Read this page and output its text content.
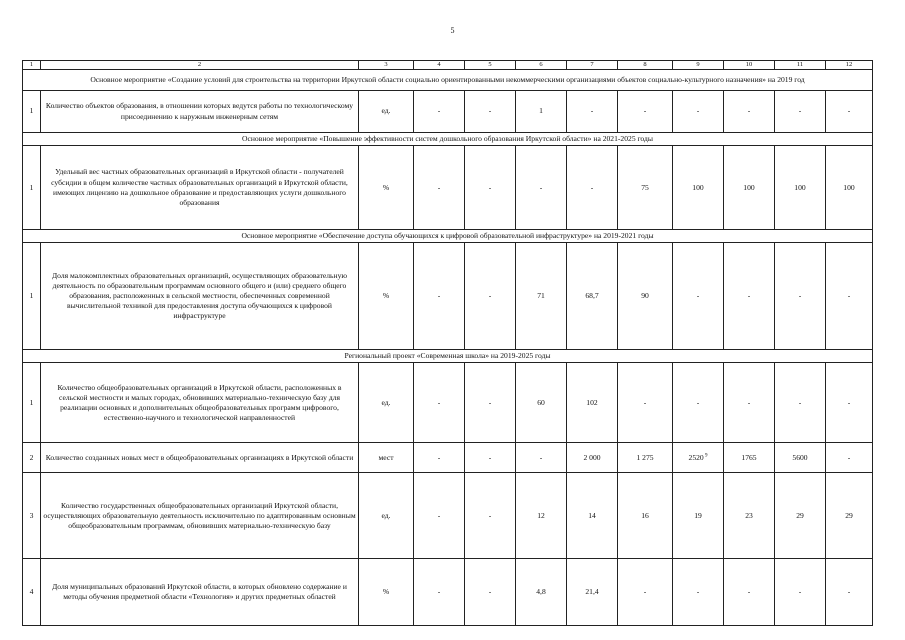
5
1	2	3	4	5	6	7	8	9	10	11	12
Основное мероприятие «Создание условий для строительства на территории Иркутской области социально ориентированными некоммерческими организациями объектов социально-культурного назначения» на 2019 год											
1	Количество объектов образования, в отношении которых ведутся работы по технологическому присоединению к наружным инженерным сетям	ед.	-	-	1	-	-	-	-	-	-
Основное мероприятие «Повышение эффективности систем дошкольного образования Иркутской области» на 2021-2025 годы											
1	Удельный вес частных образовательных организаций в Иркутской области - получателей субсидии в общем количестве частных образовательных организаций в Иркутской области, имеющих лицензию на дошкольное образование и предоставляющих услуги дошкольного образования	%	-	-	-	-	75	100	100	100	100
Основное мероприятие «Обеспечение доступа обучающихся к цифровой образовательной инфраструктуре» на 2019-2021 годы											
1	Доля малокомплектных образовательных организаций, осуществляющих образовательную деятельность по образовательным программам основного общего и (или) среднего общего образования, расположенных в сельской местности, обеспеченных современной вычислительной техникой для предоставления доступа обучающихся к цифровой инфраструктуре	%	-	-	71	68,7	90	-	-	-	-
Региональный проект «Современная школа» на 2019-2025 годы											
1	Количество общеобразовательных организаций в Иркутской области, расположенных в сельской местности и малых городах, обновивших материально-техническую базу для реализации основных и дополнительных общеобразовательных программ цифрового, естественно-научного и технологической направленностей	ед.	-	-	60	102	-	-	-	-	-
2	Количество созданных новых мест в общеобразовательных организациях в Иркутской области	мест	-	-	-	2 000	1 275	2520 $^9$	1765	5600	-
3	Количество государственных общеобразовательных организаций Иркутской области, осуществляющих образовательную деятельность исключительно по адаптированным основным общеобразовательным программам, обновивших материально-техническую базу	ед.	-	-	12	14	16	19	23	29	29
4	Доля муниципальных образований Иркутской области, в которых обновлено содержание и методы обучения предметной области «Технология» и других предметных областей	%	-	-	4,8	21,4	-	-	-	-	-
